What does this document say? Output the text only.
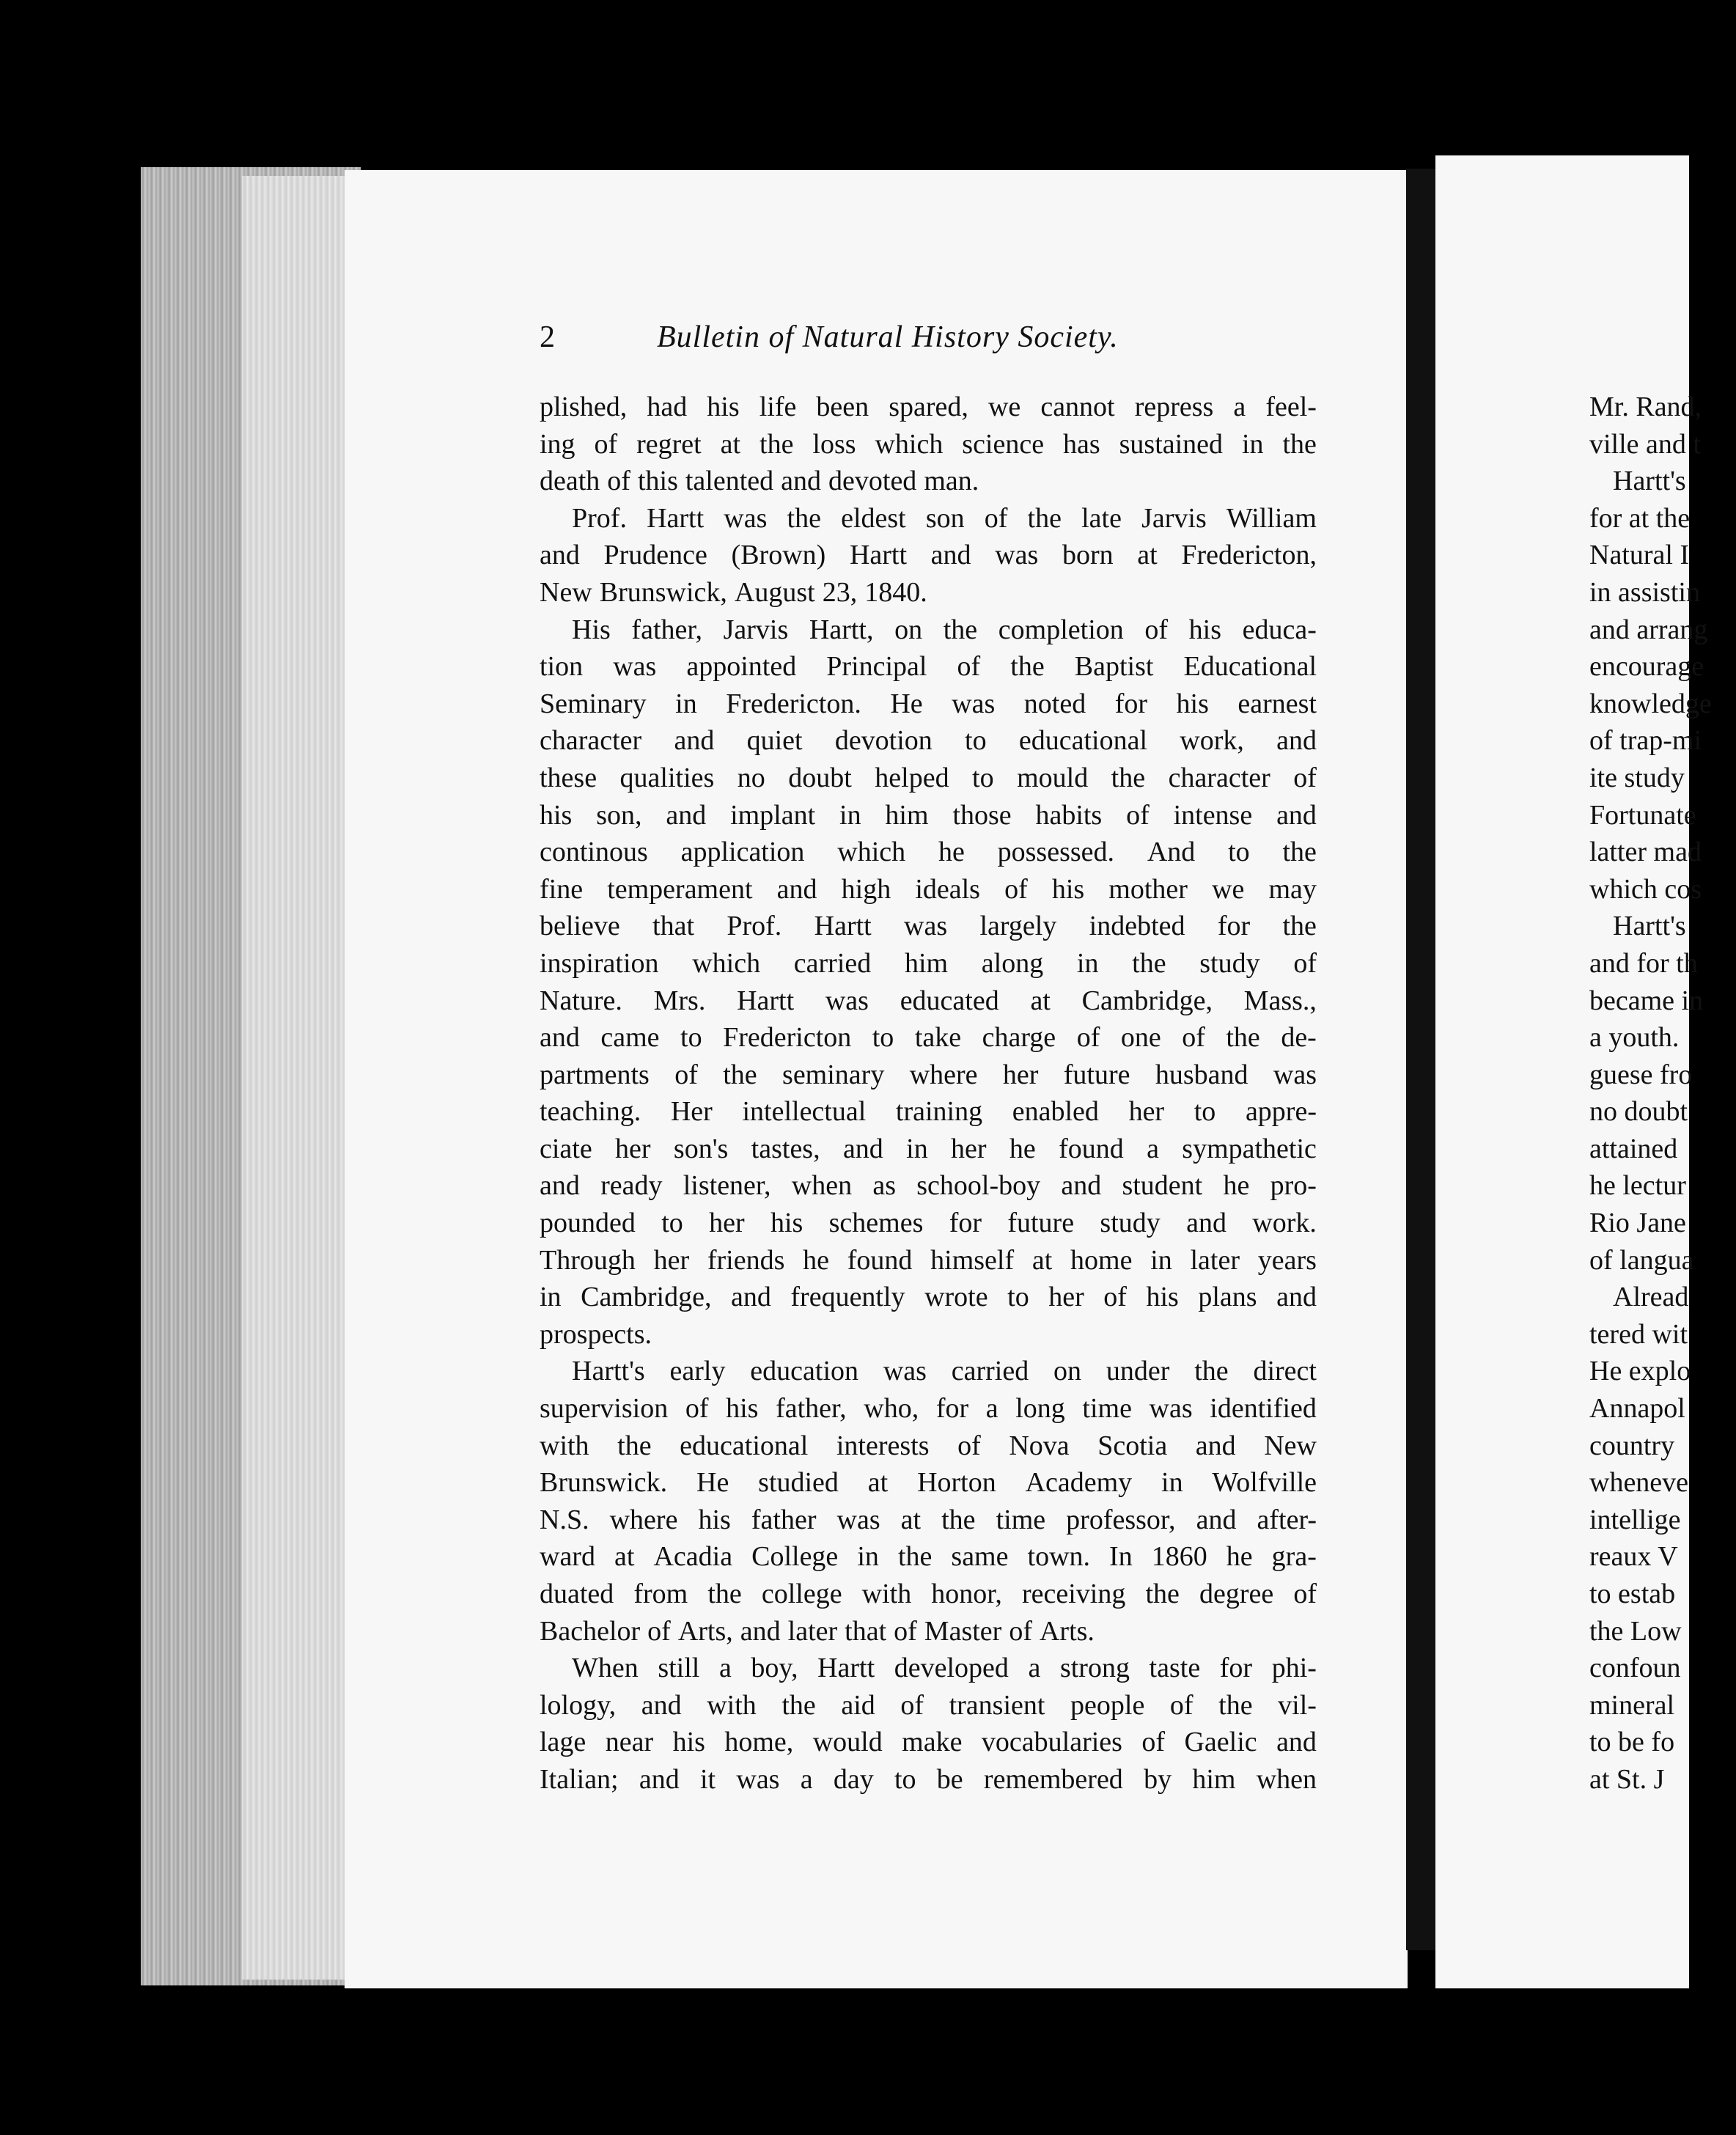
2	Bulletin of Natural History Society.
plished, had his life been spared, we cannot repress a feel-
ing of regret at the loss which science has sustained in the
death of this talented and devoted man.
Prof. Hartt was the eldest son of the late Jarvis William
and Prudence (Brown) Hartt and was born at Fredericton,
New Brunswick, August 23, 1840.
His father, Jarvis Hartt, on the completion of his educa-
tion was appointed Principal of the Baptist Educational
Seminary in Fredericton. He was noted for his earnest
character and quiet devotion to educational work, and
these qualities no doubt helped to mould the character of
his son, and implant in him those habits of intense and
continous application which he possessed. And to the
fine temperament and high ideals of his mother we may
believe that Prof. Hartt was largely indebted for the
inspiration which carried him along in the study of
Nature. Mrs. Hartt was educated at Cambridge, Mass.,
and came to Fredericton to take charge of one of the de-
partments of the seminary where her future husband was
teaching. Her intellectual training enabled her to appre-
ciate her son's tastes, and in her he found a sympathetic
and ready listener, when as school-boy and student he pro-
pounded to her his schemes for future study and work.
Through her friends he found himself at home in later years
in Cambridge, and frequently wrote to her of his plans and
prospects.
Hartt's early education was carried on under the direct
supervision of his father, who, for a long time was identified
with the educational interests of Nova Scotia and New
Brunswick. He studied at Horton Academy in Wolfville
N.S. where his father was at the time professor, and after-
ward at Acadia College in the same town. In 1860 he gra-
duated from the college with honor, receiving the degree of
Bachelor of Arts, and later that of Master of Arts.
When still a boy, Hartt developed a strong taste for phi-
lology, and with the aid of transient people of the vil-
lage near his home, would make vocabularies of Gaelic and
Italian; and it was a day to be remembered by him when
Mr. Rand,
ville and t
Hartt's
for at the
Natural I
in assistin
and arrang
encourage
knowledge
of trap-mi
ite study
Fortunate
latter mad
which cos
Hartt's
and for th
became in
a youth.
guese fro
no doubt
attained
he lectur
Rio Jane
of langua
Alread
tered wit
He explo
Annapol
country
wheneve
intellige
reaux V
to estab
the Low
confoun
mineral
to be fo
at St. J
